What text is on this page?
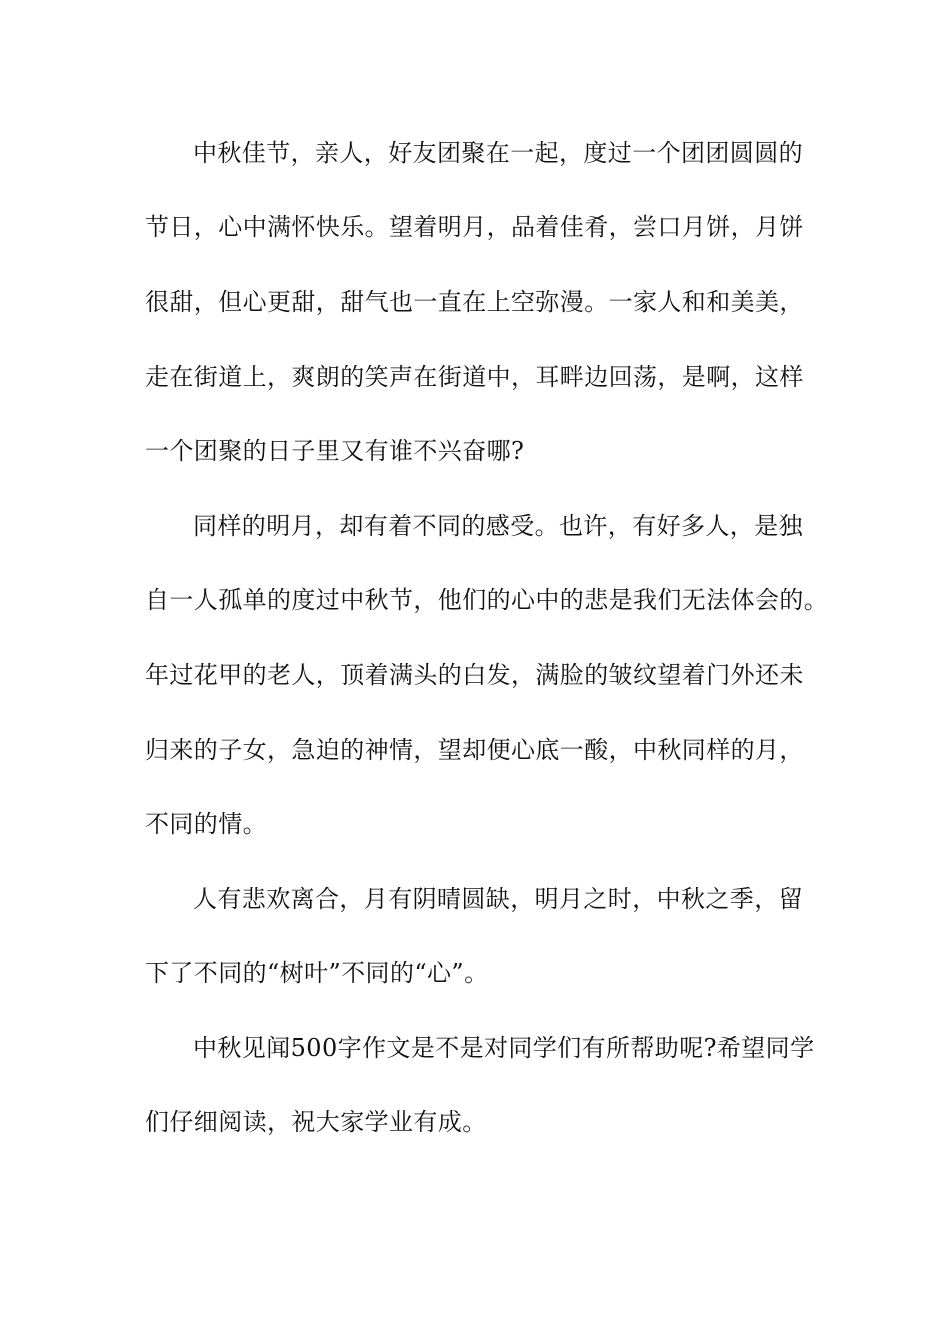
中秋佳节，亲人，好友团聚在一起，度过一个团团圆圆的
节日，心中满怀快乐。望着明月，品着佳肴，尝口月饼，月饼
很甜，但心更甜，甜气也一直在上空弥漫。一家人和和美美，
走在街道上，爽朗的笑声在街道中，耳畔边回荡，是啊，这样
一个团聚的日子里又有谁不兴奋哪?
同样的明月，却有着不同的感受。也许，有好多人，是独
自一人孤单的度过中秋节，他们的心中的悲是我们无法体会的。
年过花甲的老人，顶着满头的白发，满脸的皱纹望着门外还未
归来的子女，急迫的神情，望却便心底一酸，中秋同样的月，
不同的情。
人有悲欢离合，月有阴晴圆缺，明月之时，中秋之季，留
下了不同的“树叶”不同的“心”。
中秋见闻500字作文是不是对同学们有所帮助呢?希望同学
们仔细阅读，祝大家学业有成。
